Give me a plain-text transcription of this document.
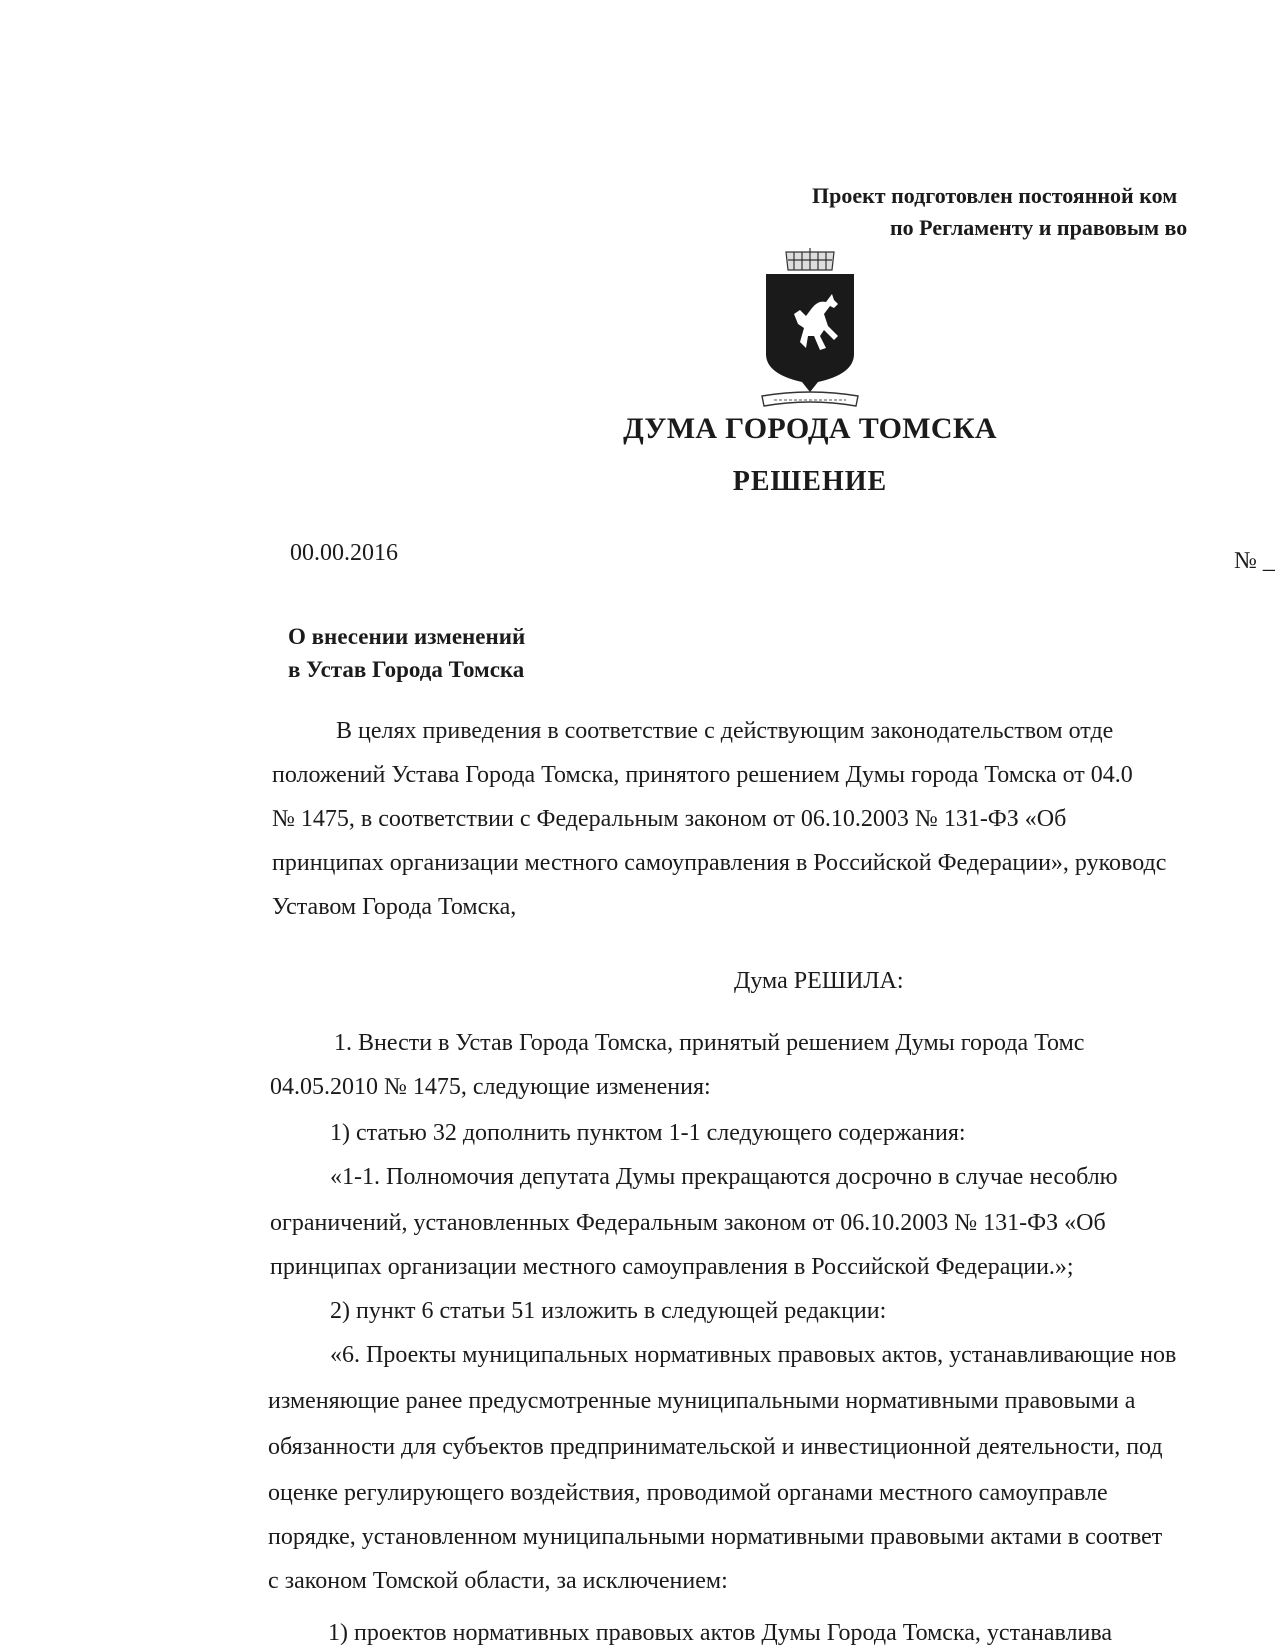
Проект подготовлен постоянной ком
по Регламенту и правовым во
ДУМА ГОРОДА ТОМСКА
РЕШЕНИЕ
00.00.2016	№ _
О внесении изменений
в Устав Города Томска
В целях приведения в соответствие с действующим законодательством отде
положений Устава Города Томска, принятого решением Думы города Томска от 04.0
№ 1475, в соответствии с Федеральным законом от 06.10.2003 № 131-ФЗ «Об
принципах организации местного самоуправления в Российской Федерации», руководс
Уставом Города Томска,
Дума РЕШИЛА:
1. Внести в Устав Города Томска, принятый решением Думы города Томс
04.05.2010 № 1475, следующие изменения:
1) статью 32 дополнить пунктом 1-1 следующего содержания:
«1-1. Полномочия депутата Думы прекращаются досрочно в случае несоблю
ограничений, установленных Федеральным законом от 06.10.2003 № 131-ФЗ «Об
принципах организации местного самоуправления в Российской Федерации.»;
2) пункт 6 статьи 51 изложить в следующей редакции:
«6. Проекты муниципальных нормативных правовых актов, устанавливающие нов
изменяющие ранее предусмотренные муниципальными нормативными правовыми а
обязанности для субъектов предпринимательской и инвестиционной деятельности, под
оценке регулирующего воздействия, проводимой органами местного самоуправле
порядке, установленном муниципальными нормативными правовыми актами в соответ
с законом Томской области, за исключением:
1) проектов нормативных правовых актов Думы Города Томска, устанавлива
